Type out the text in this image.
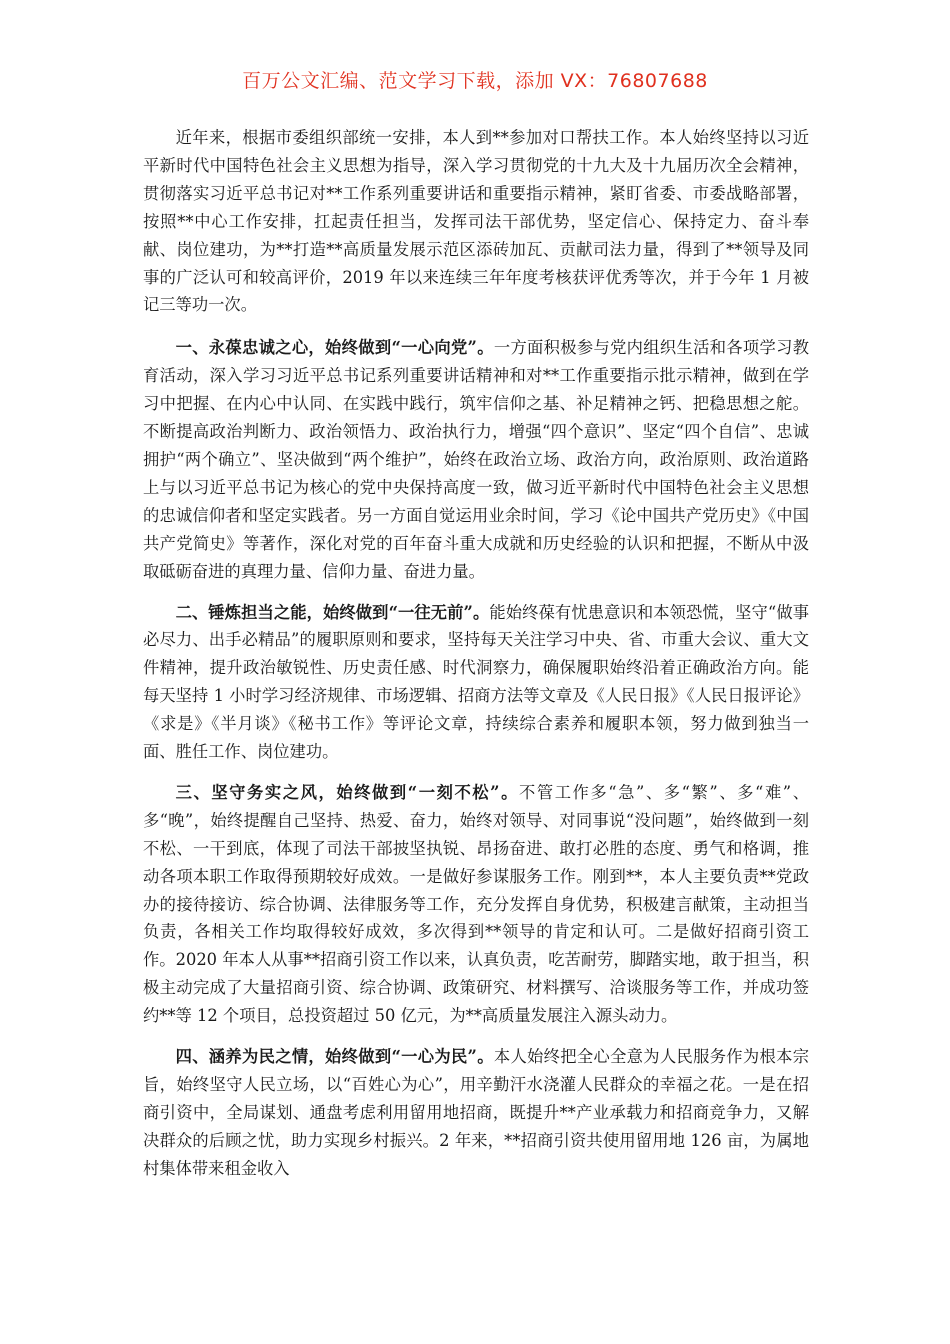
百万公文汇编、范文学习下载，添加 VX：76807688

近年来，根据市委组织部统一安排，本人到**参加对口帮扶工作。本人始终坚持以习近平新时代中国特色社会主义思想为指导，深入学习贯彻党的十九大及十九届历次全会精神，贯彻落实习近平总书记对**工作系列重要讲话和重要指示精神，紧盯省委、市委战略部署，按照**中心工作安排，扛起责任担当，发挥司法干部优势，坚定信心、保持定力、奋斗奉献、岗位建功，为**打造**高质量发展示范区添砖加瓦、贡献司法力量，得到了**领导及同事的广泛认可和较高评价，2019 年以来连续三年年度考核获评优秀等次，并于今年 1 月被记三等功一次。

一、永葆忠诚之心，始终做到“一心向党”。一方面积极参与党内组织生活和各项学习教育活动，深入学习习近平总书记系列重要讲话精神和对**工作重要指示批示精神，做到在学习中把握、在内心中认同、在实践中践行，筑牢信仰之基、补足精神之钙、把稳思想之舵。不断提高政治判断力、政治领悟力、政治执行力，增强“四个意识”、坚定“四个自信”、忠诚拥护“两个确立”、坚决做到“两个维护”，始终在政治立场、政治方向，政治原则、政治道路上与以习近平总书记为核心的党中央保持高度一致，做习近平新时代中国特色社会主义思想的忠诚信仰者和坚定实践者。另一方面自觉运用业余时间，学习《论中国共产党历史》《中国共产党简史》等著作，深化对党的百年奋斗重大成就和历史经验的认识和把握，不断从中汲取砥砺奋进的真理力量、信仰力量、奋进力量。

二、锤炼担当之能，始终做到“一往无前”。能始终葆有忧患意识和本领恐慌，坚守“做事必尽力、出手必精品”的履职原则和要求，坚持每天关注学习中央、省、市重大会议、重大文件精神，提升政治敏锐性、历史责任感、时代洞察力，确保履职始终沿着正确政治方向。能每天坚持 1 小时学习经济规律、市场逻辑、招商方法等文章及《人民日报》《人民日报评论》《求是》《半月谈》《秘书工作》等评论文章，持续综合素养和履职本领，努力做到独当一面、胜任工作、岗位建功。

三、坚守务实之风，始终做到“一刻不松”。不管工作多“急”、多“繁”、多“难”、多“晚”，始终提醒自己坚持、热爱、奋力，始终对领导、对同事说“没问题”，始终做到一刻不松、一干到底，体现了司法干部披坚执锐、昂扬奋进、敢打必胜的态度、勇气和格调，推动各项本职工作取得预期较好成效。一是做好参谋服务工作。刚到**，本人主要负责**党政办的接待接访、综合协调、法律服务等工作，充分发挥自身优势，积极建言献策，主动担当负责，各相关工作均取得较好成效，多次得到**领导的肯定和认可。二是做好招商引资工作。2020 年本人从事**招商引资工作以来，认真负责，吃苦耐劳，脚踏实地，敢于担当，积极主动完成了大量招商引资、综合协调、政策研究、材料撰写、洽谈服务等工作，并成功签约**等 12 个项目，总投资超过 50 亿元，为**高质量发展注入源头动力。

四、涵养为民之情，始终做到“一心为民”。本人始终把全心全意为人民服务作为根本宗旨，始终坚守人民立场，以“百姓心为心”，用辛勤汗水浇灌人民群众的幸福之花。一是在招商引资中，全局谋划、通盘考虑利用留用地招商，既提升**产业承载力和招商竞争力，又解决群众的后顾之忧，助力实现乡村振兴。2 年来，**招商引资共使用留用地 126 亩，为属地村集体带来租金收入
